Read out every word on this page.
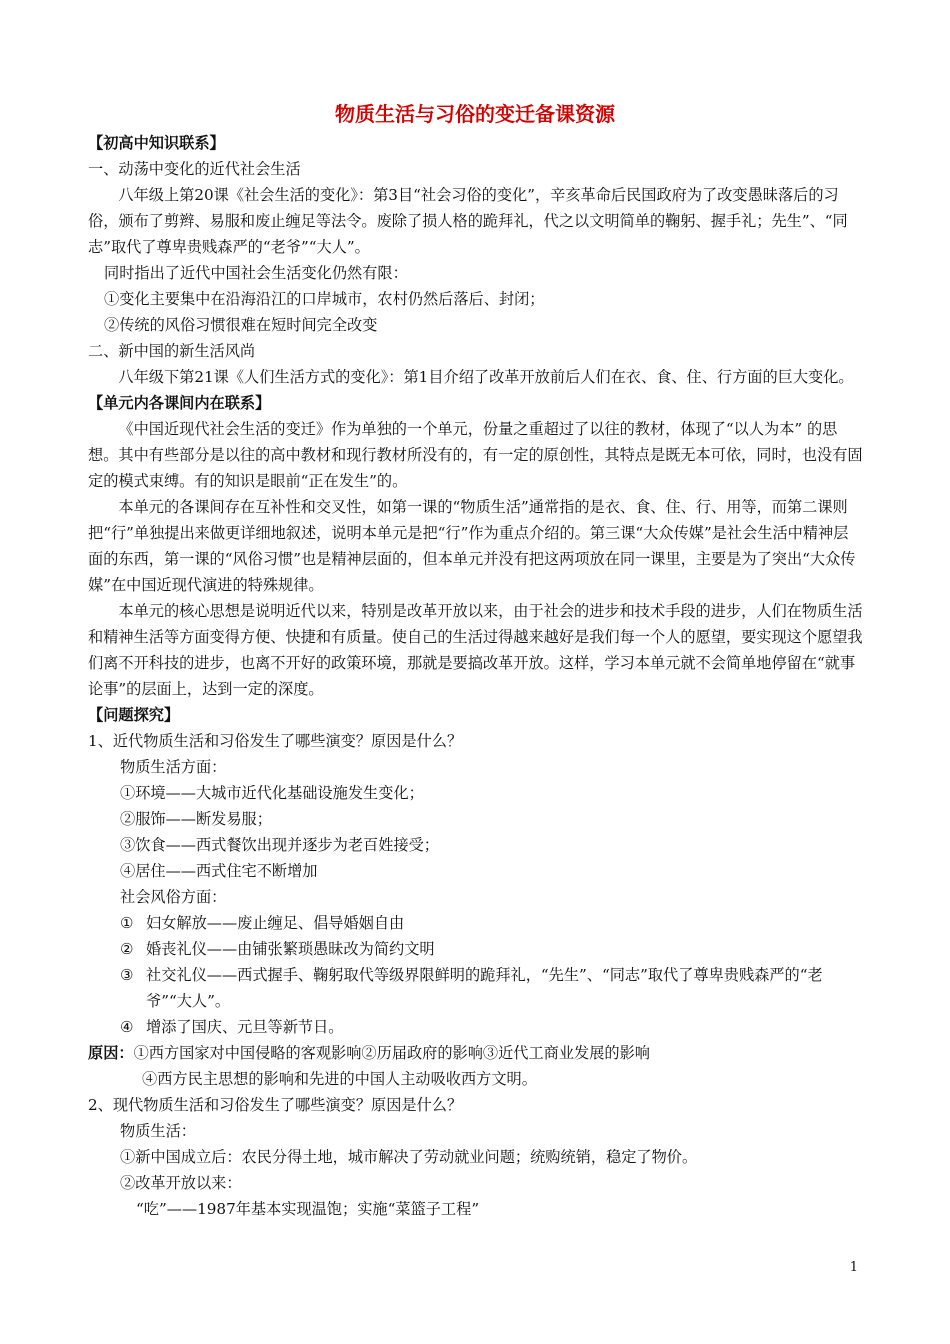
物质生活与习俗的变迁备课资源

【初高中知识联系】

一、动荡中变化的近代社会生活

八年级上第20课《社会生活的变化》：第3目“社会习俗的变化”，辛亥革命后民国政府为了改变愚昧落后的习俗，颁布了剪辫、易服和废止缠足等法令。废除了损人格的跪拜礼，代之以文明简单的鞠躬、握手礼；先生”、“同志”取代了尊卑贵贱森严的“老爷”“大人”。

同时指出了近代中国社会生活变化仍然有限：

①变化主要集中在沿海沿江的口岸城市，农村仍然后落后、封闭；

②传统的风俗习惯很难在短时间完全改变

二、新中国的新生活风尚

八年级下第21课《人们生活方式的变化》：第1目介绍了改革开放前后人们在衣、食、住、行方面的巨大变化。

【单元内各课间内在联系】

《中国近现代社会生活的变迁》作为单独的一个单元，份量之重超过了以往的教材，体现了“以人为本” 的思想。其中有些部分是以往的高中教材和现行教材所没有的，有一定的原创性，其特点是既无本可依，同时，也没有固定的模式束缚。有的知识是眼前“正在发生”的。

本单元的各课间存在互补性和交叉性，如第一课的“物质生活”通常指的是衣、食、住、行、用等，而第二课则把“行”单独提出来做更详细地叙述，说明本单元是把“行”作为重点介绍的。第三课“大众传媒”是社会生活中精神层面的东西，第一课的“风俗习惯”也是精神层面的，但本单元并没有把这两项放在同一课里，主要是为了突出“大众传媒”在中国近现代演进的特殊规律。

本单元的核心思想是说明近代以来，特别是改革开放以来，由于社会的进步和技术手段的进步，人们在物质生活和精神生活等方面变得方便、快捷和有质量。使自己的生活过得越来越好是我们每一个人的愿望，要实现这个愿望我们离不开科技的进步，也离不开好的政策环境，那就是要搞改革开放。这样，学习本单元就不会简单地停留在“就事论事”的层面上，达到一定的深度。

【问题探究】

1、近代物质生活和习俗发生了哪些演变？原因是什么？

物质生活方面：

①环境——大城市近代化基础设施发生变化；

②服饰——断发易服；

③饮食——西式餐饮出现并逐步为老百姓接受；

④居住——西式住宅不断增加

社会风俗方面：

① 妇女解放——废止缠足、倡导婚姻自由

② 婚丧礼仪——由铺张繁琐愚昧改为简约文明

③ 社交礼仪——西式握手、鞠躬取代等级界限鲜明的跪拜礼，“先生”、“同志”取代了尊卑贵贱森严的“老爷”“大人”。

④ 增添了国庆、元旦等新节日。

原因：①西方国家对中国侵略的客观影响②历届政府的影响③近代工商业发展的影响

④西方民主思想的影响和先进的中国人主动吸收西方文明。

2、现代物质生活和习俗发生了哪些演变？原因是什么？

物质生活：

①新中国成立后：农民分得土地，城市解决了劳动就业问题；统购统销，稳定了物价。

②改革开放以来：

“吃”——1987年基本实现温饱；实施“菜篮子工程”

1
